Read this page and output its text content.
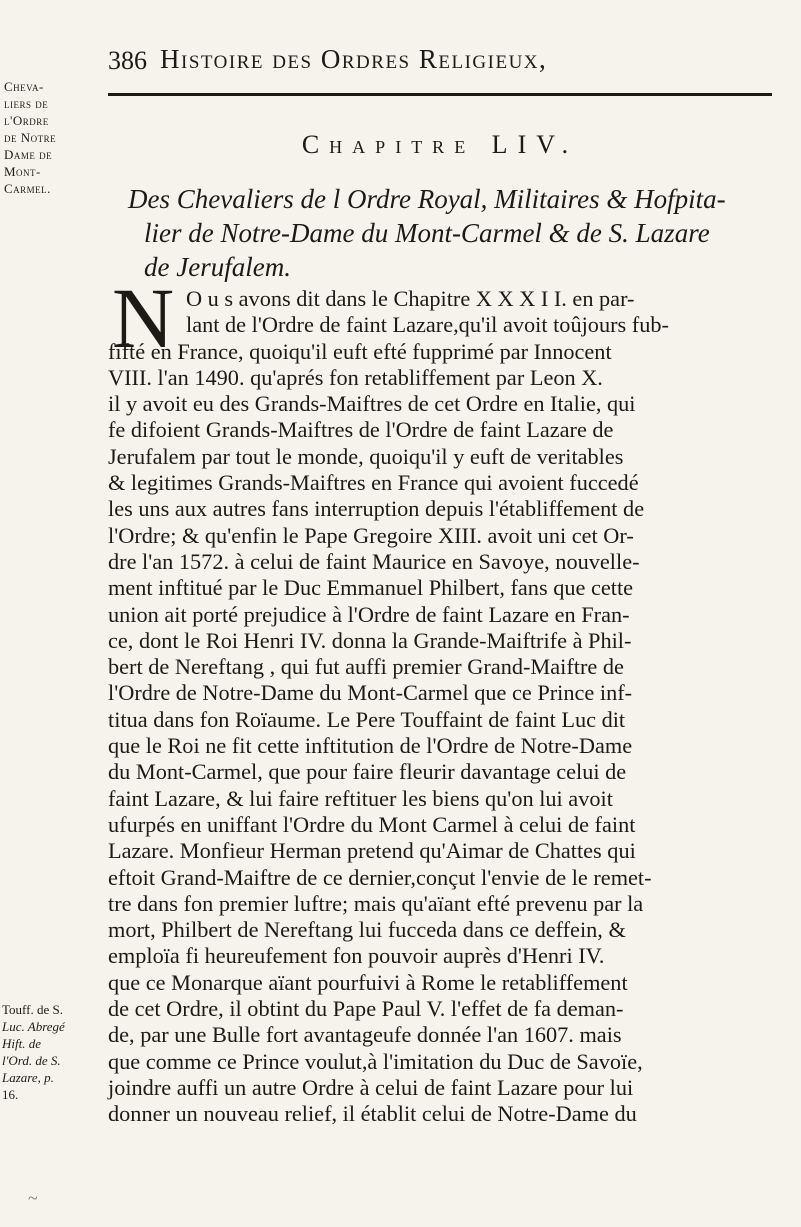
386 Histoire des Ordres Religieux,
Cheva-
liers de
l'Ordre
de Notre
Dame de
Mont-
Carmel.
Chapitre LIV.
Des Chevaliers de l Ordre Royal, Militaires & Hofpita-

lier de Notre-Dame du Mont-Carmel & de S. Lazare
de Jerufalem.
N O u s avons dit dans le Chapitre X X X I I. en par-
lant de l'Ordre de faint Lazare,qu'il avoit toûjours fub-
fifté en France, quoiqu'il euft efté fupprimé par Innocent
VIII. l'an 1490. qu'aprés fon retabliffement par Leon X.
il y avoit eu des Grands-Maiftres de cet Ordre en Italie, qui
fe difoient Grands-Maiftres de l'Ordre de faint Lazare de
Jerufalem par tout le monde, quoiqu'il y euft de veritables
& legitimes Grands-Maiftres en France qui avoient fuccedé
les uns aux autres fans interruption depuis l'établiffement de
l'Ordre; & qu'enfin le Pape Gregoire XIII. avoit uni cet Or-
dre l'an 1572. à celui de faint Maurice en Savoye, nouvelle-
ment inftitué par le Duc Emmanuel Philbert, fans que cette
union ait porté prejudice à l'Ordre de faint Lazare en Fran-
ce, dont le Roi Henri IV. donna la Grande-Maiftrife à Phil-
bert de Nereftang , qui fut auffi premier Grand-Maiftre de
l'Ordre de Notre-Dame du Mont-Carmel que ce Prince inf-
titua dans fon Roïaume. Le Pere Touffaint de faint Luc dit
que le Roi ne fit cette inftitution de l'Ordre de Notre-Dame
du Mont-Carmel, que pour faire fleurir davantage celui de
faint Lazare, & lui faire reftituer les biens qu'on lui avoit
ufurpés en uniffant l'Ordre du Mont Carmel à celui de faint
Lazare. Monfieur Herman pretend qu'Aimar de Chattes qui
eftoit Grand-Maiftre de ce dernier,conçut l'envie de le remet-
tre dans fon premier luftre; mais qu'aïant efté prevenu par la
mort, Philbert de Nereftang lui fucceda dans ce deffein, &
emploïa fi heureufement fon pouvoir auprès d'Henri IV.
que ce Monarque aïant pourfuivi à Rome le retabliffement
de cet Ordre, il obtint du Pape Paul V. l'effet de fa deman-
de, par une Bulle fort avantageufe donnée l'an 1607. mais
que comme ce Prince voulut,à l'imitation du Duc de Savoïe,
joindre auffi un autre Ordre à celui de faint Lazare pour lui
donner un nouveau relief, il établit celui de Notre-Dame du
Touff. de S.
Luc. Abregé
Hift. de
l'Ord. de S.
Lazare, p.
16.
~
